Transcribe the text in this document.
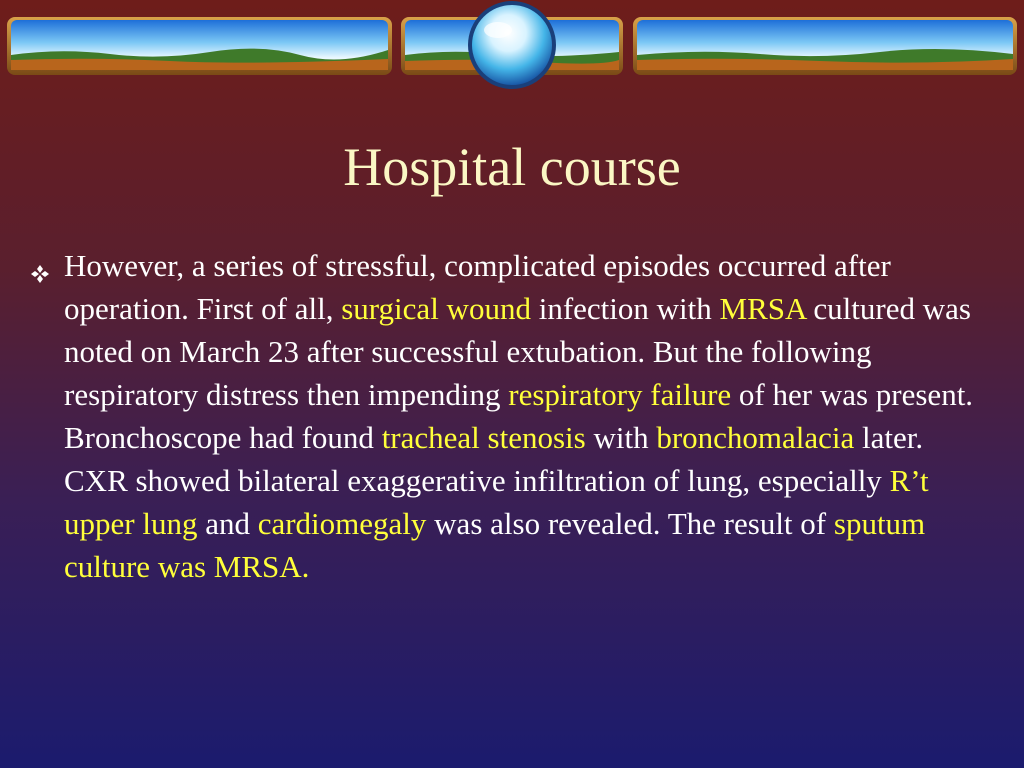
Hospital course
However, a series of stressful, complicated episodes occurred after operation. First of all, surgical wound infection with MRSA cultured was noted on March 23 after successful extubation. But the following respiratory distress then impending respiratory failure of her was present. Bronchoscope had found tracheal stenosis with bronchomalacia later. CXR showed bilateral exaggerative infiltration of lung, especially R’t upper lung and cardiomegaly was also revealed. The result of sputum culture was MRSA.
